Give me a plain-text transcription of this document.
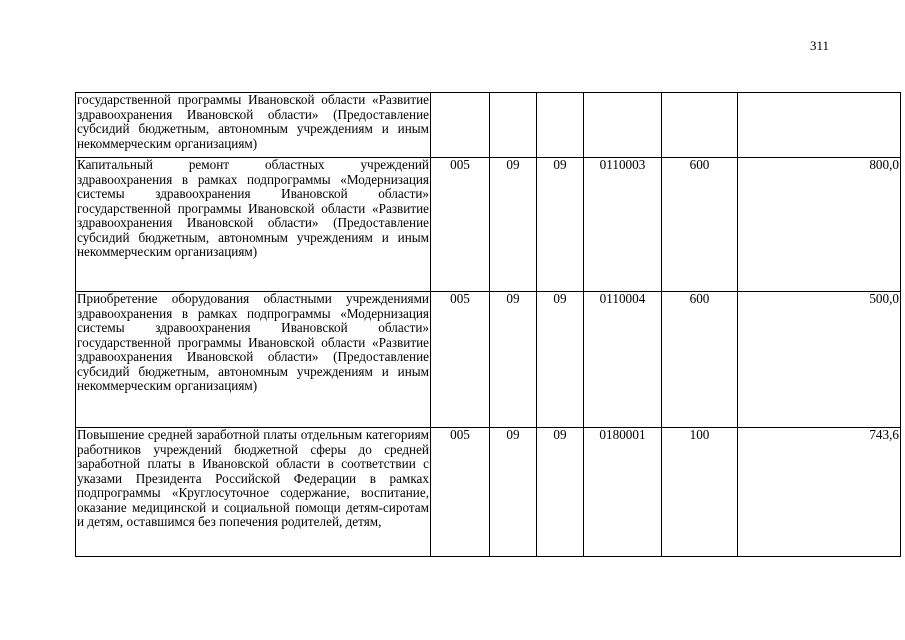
311
государственной программы Ивановской области «Развитие здравоохранения Ивановской области» (Предоставление субсидий бюджетным, автономным учреждениям и иным некоммерческим организациям)						
Капитальный ремонт областных учреждений здравоохранения в рамках подпрограммы «Модернизация системы здравоохранения Ивановской области» государственной программы Ивановской области «Развитие здравоохранения Ивановской области» (Предоставление субсидий бюджетным, автономным учреждениям и иным некоммерческим организациям)	005	09	09	0110003	600	800,0
Приобретение оборудования областными учреждениями здравоохранения в рамках подпрограммы «Модернизация системы здравоохранения Ивановской области» государственной программы Ивановской области «Развитие здравоохранения Ивановской области» (Предоставление субсидий бюджетным, автономным учреждениям и иным некоммерческим организациям)	005	09	09	0110004	600	500,0
Повышение средней заработной платы отдельным категориям работников учреждений бюджетной сферы до средней заработной платы в Ивановской области в соответствии с указами Президента Российской Федерации в рамках подпрограммы «Круглосуточное содержание, воспитание, оказание медицинской и социальной помощи детям-сиротам и детям, оставшимся без попечения родителей, детям,	005	09	09	0180001	100	743,6
